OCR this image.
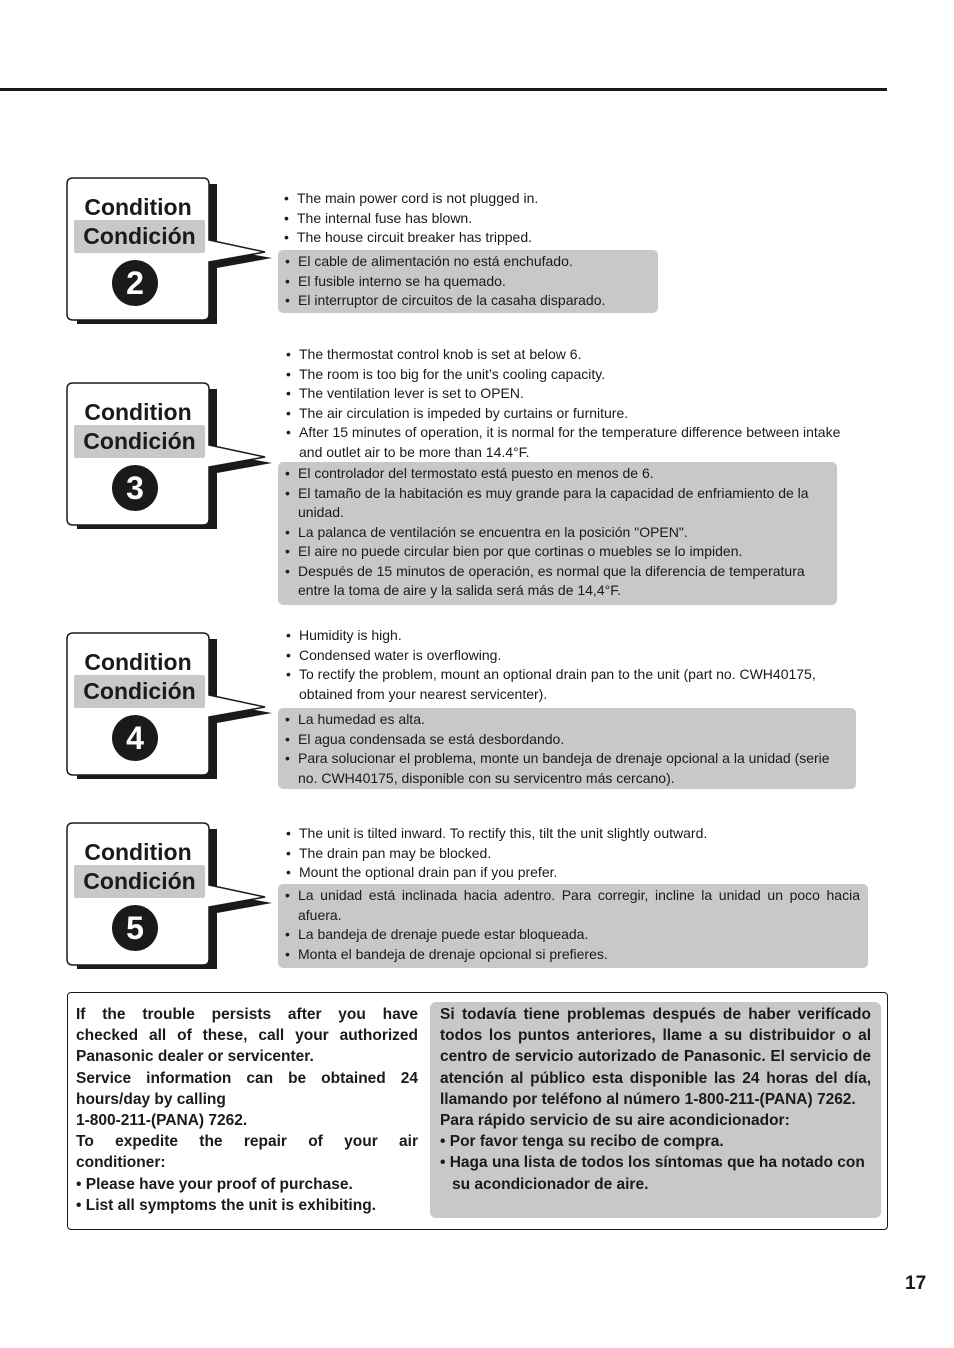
Condition
Condición
2
• The main power cord is not plugged in.
• The internal fuse has blown.
• The house circuit breaker has tripped.
• El cable de alimentación no está enchufado.
• El fusible interno se ha quemado.
• El interruptor de circuitos de la casaha disparado.
Condition
Condición
3
• The thermostat control knob is set at below 6.
• The room is too big for the unit’s cooling capacity.
• The ventilation lever is set to OPEN.
• The air circulation is impeded by curtains or furniture.
• After 15 minutes of operation, it is normal for the temperature difference between intake and outlet air to be more than 14.4°F.
• El controlador del termostato está puesto en menos de 6.
• El tamaño de la habitación es muy grande para la capacidad de enfriamiento de la unidad.
• La palanca de ventilación se encuentra en la posición "OPEN".
• El aire no puede circular bien por que cortinas o muebles se lo impiden.
• Después de 15 minutos de operación, es normal que la diferencia de temperatura entre la toma de aire y la salida será más de 14,4°F.
Condition
Condición
4
• Humidity is high.
• Condensed water is overflowing.
• To rectify the problem, mount an optional drain pan to the unit (part no. CWH40175, obtained from your nearest servicenter).
• La humedad es alta.
• El agua condensada se está desbordando.
• Para solucionar el problema, monte un bandeja de drenaje opcional a la unidad (serie no. CWH40175, disponible con su servicentro más cercano).
Condition
Condición
5
• The unit is tilted inward. To rectify this, tilt the unit slightly outward.
• The drain pan may be blocked.
• Mount the optional drain pan if you prefer.
• La unidad está inclinada hacia adentro. Para corregir, incline la unidad un poco hacia afuera.
• La bandeja de drenaje puede estar bloqueada.
• Monta el bandeja de drenaje opcional si prefieres.

If the trouble persists after you have

checked all of these, call your authorized

Panasonic dealer or servicenter.

Service information can be obtained 24

hours/day by calling

1-800-211-(PANA) 7262.

To expedite the repair of your air

conditioner:

• Please have your proof of purchase.

• List all symptoms the unit is exhibiting.

Si todavía tiene problemas después de haber verifícado todos los puntos anteriores, llame a su distribuidor o al centro de servicio autorizado de Panasonic. El servicio de atención al público esta disponible las 24 horas del día, llamando por teléfono al número 1-800-211-(PANA) 7262.

Para rápido servicio de su aire acondicionador:

• Por favor tenga su recibo de compra.

• Haga una lista de todos los síntomas que ha notado con su acondicionador de aire.

17
